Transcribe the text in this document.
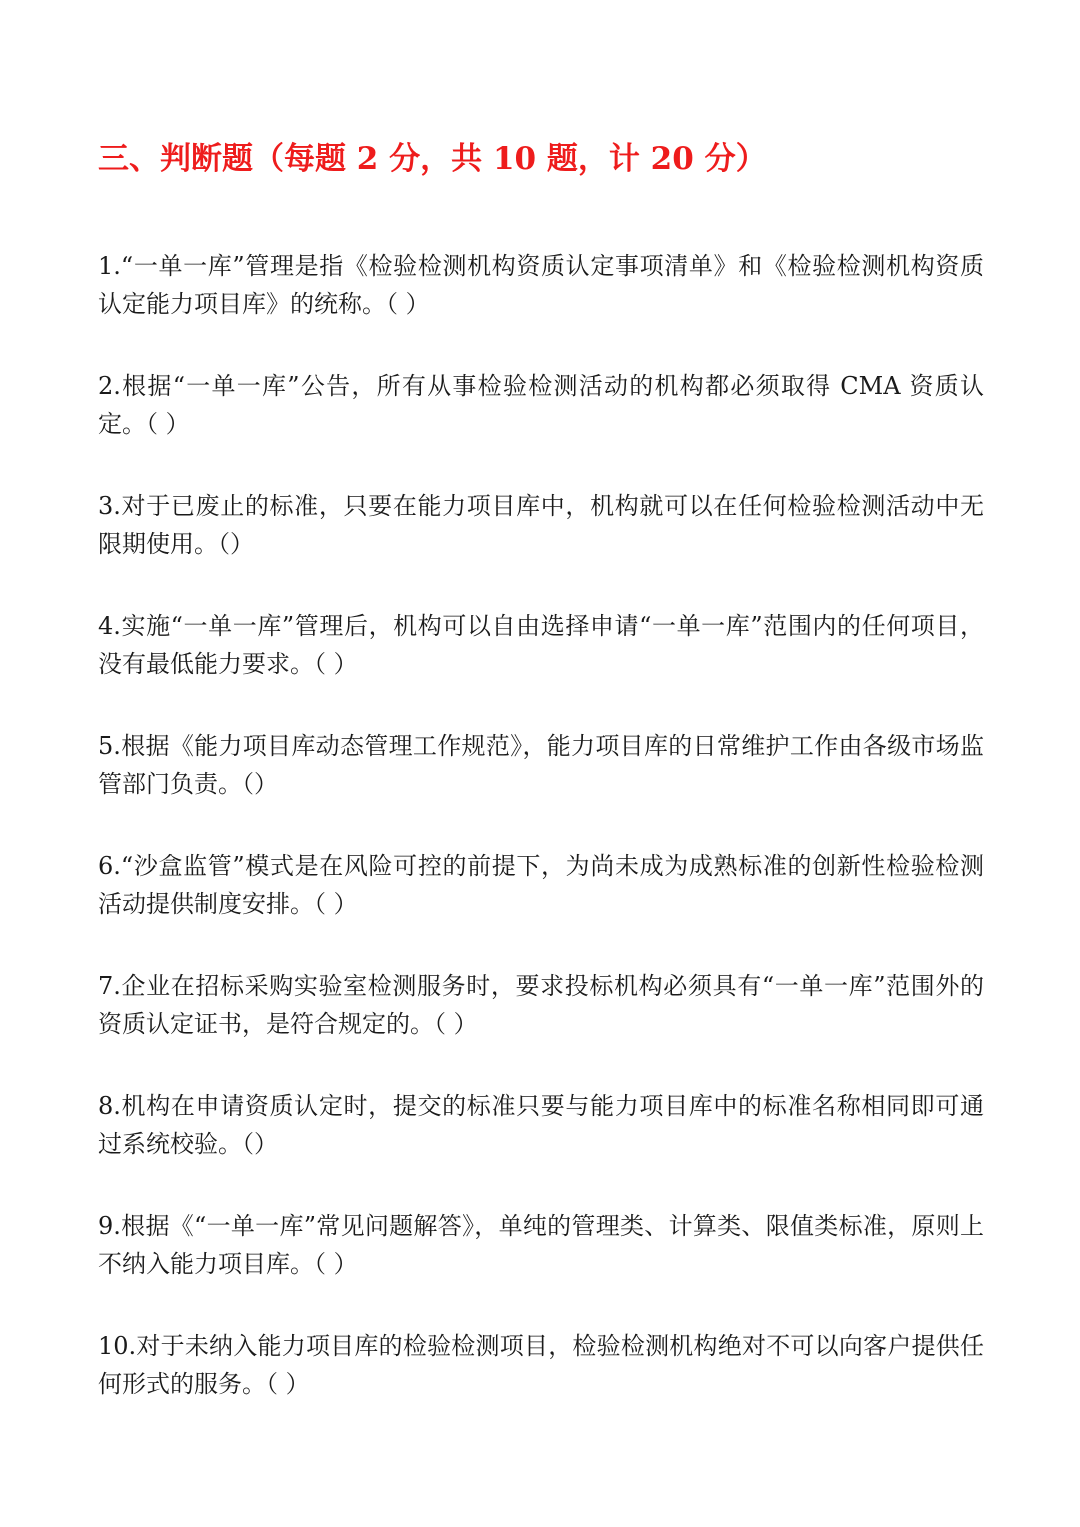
三、判断题（每题 2 分，共 10 题，计 20 分）

1.“一单一库”管理是指《检验检测机构资质认定事项清单》和《检验检测机构资质认定能力项目库》的统称。（ ）

2.根据“一单一库”公告，所有从事检验检测活动的机构都必须取得 CMA 资质认定。（ ）

3.对于已废止的标准，只要在能力项目库中，机构就可以在任何检验检测活动中无限期使用。（）

4.实施“一单一库”管理后，机构可以自由选择申请“一单一库”范围内的任何项目，没有最低能力要求。（ ）

5.根据《能力项目库动态管理工作规范》，能力项目库的日常维护工作由各级市场监管部门负责。（）

6.“沙盒监管”模式是在风险可控的前提下，为尚未成为成熟标准的创新性检验检测活动提供制度安排。（ ）

7.企业在招标采购实验室检测服务时，要求投标机构必须具有“一单一库”范围外的资质认定证书，是符合规定的。（ ）

8.机构在申请资质认定时，提交的标准只要与能力项目库中的标准名称相同即可通过系统校验。（）

9.根据《“一单一库”常见问题解答》，单纯的管理类、计算类、限值类标准，原则上不纳入能力项目库。（ ）

10.对于未纳入能力项目库的检验检测项目，检验检测机构绝对不可以向客户提供任何形式的服务。（ ）
